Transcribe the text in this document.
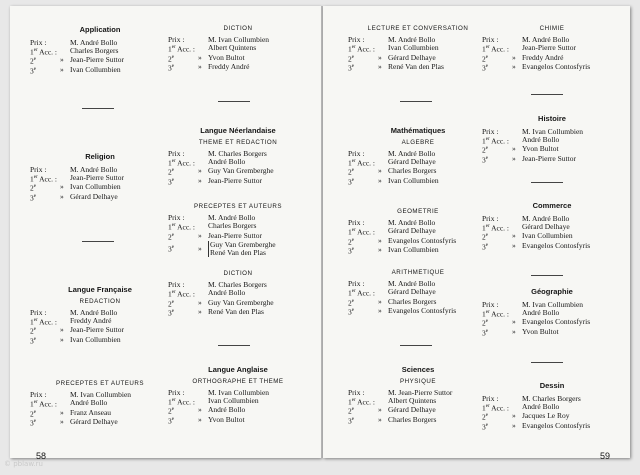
Application
Prix :	M. André Bollo
1er Acc. :	Charles Borgers
2e	» Jean-Pierre Suttor
3e	» Ivan Collumbien
DICTION
Prix :	M. Ivan Collumbien
1er Acc. :	Albert Quintens
2e	» Yvon Bultot
3e	» Freddy André
Langue Néerlandaise
THEME ET REDACTION
Prix :	M. Charles Borgers
1er Acc. :	André Bollo
2e	» Guy Van Gremberghe
3e	» Jean-Pierre Suttor
Religion
Prix :	M. André Bollo
1er Acc. :	Jean-Pierre Suttor
2e	» Ivan Collumbien
3e	» Gérard Delhaye
PRECEPTES ET AUTEURS
Prix :	M. André Bollo
1er Acc. :	Charles Borgers
2e	» Jean-Pierre Suttor
3e	»	Guy Van Gremberghe
René Van den Plas
DICTION
Prix :	M. Charles Borgers
1er Acc. :	André Bollo
2e	» Guy Van Gremberghe
3e	» René Van den Plas
Langue Française
REDACTION
Prix :	M. André Bollo
1er Acc. :	Freddy André
2e	» Jean-Pierre Suttor
3e	» Ivan Collumbien
Langue Anglaise
ORTHOGRAPHE ET THEME
Prix :	M. Ivan Collumbien
1er Acc. :	Ivan Collumbien
2e	» André Bollo
3e	» Yvon Bultot
PRECEPTES ET AUTEURS
Prix :	M. Ivan Collumbien
1er Acc. :	André Bollo
2e	» Franz Anseau
3e	» Gérard Delhaye
LECTURE ET CONVERSATION
Prix :	M. André Bollo
1er Acc. :	Ivan Collumbien
2e	» Gérard Delhaye
3e	» René Van den Plas
CHIMIE
Prix :	M. André Bollo
1er Acc. :	Jean-Pierre Suttor
2e	» Freddy André
3e	» Evangelos Contosfyris
Mathématiques
ALGEBRE
Prix :	M. André Bollo
1er Acc. :	Gérard Delhaye
2e	» Charles Borgers
3e	» Ivan Collumbien
Histoire
Prix :	M. Ivan Collumbien
1er Acc. :	André Bollo
2e	» Yvon Bultot
3e	» Jean-Pierre Suttor
GEOMETRIE
Prix :	M. André Bollo
1er Acc. :	Gérard Delhaye
2e	» Evangelos Contosfyris
3e	» Ivan Collumbien
Commerce
Prix :	M. André Bollo
1er Acc. :	Gérard Delhaye
2e	» Ivan Collumbien
3e	» Evangelos Contosfyris
ARITHMETIQUE
Prix :	M. André Bollo
1er Acc. :	Gérard Delhaye
2e	» Charles Borgers
3e	» Evangelos Contosfyris
Géographie
Prix :	M. Ivan Collumbien
1er Acc. :	André Bollo
2e	» Evangelos Contosfyris
3e	» Yvon Bultot
Sciences
PHYSIQUE
Prix :	M. Jean-Pierre Suttor
1er Acc. :	Albert Quintens
2e	» Gérard Delhaye
3e	» Charles Borgers
Dessin
Prix :	M. Charles Borgers
1er Acc. :	André Bollo
2e	» Jacques Le Roy
3e	» Evangelos Contosfyris
58	59
© pblaw.ru
